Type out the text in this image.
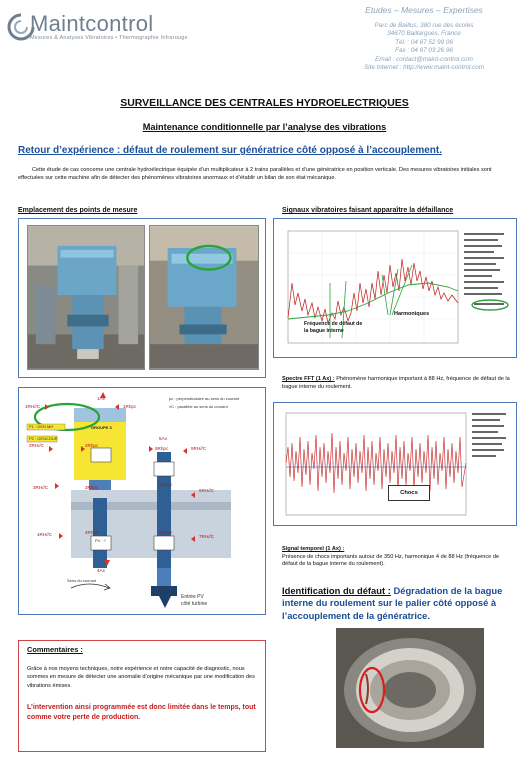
Maintcontrol
Mesures & Analyses Vibratoires • Thermographie Infrarouge
Etudes – Mesures – Expertises
Parc de Baillus, 380 rue des écoles
34670 Baillargues, France
Tél. : 04 67 52 99 06
Fax : 04 67 03 26 96
Email : contact@maint-control.com
Site Internet : http://www.maint-control.com
SURVEILLANCE DES CENTRALES HYDROELECTRIQUES
Maintenance conditionnelle par l’analyse des vibrations
Retour d’expérience : défaut de roulement sur génératrice côté opposé à l’accouplement.
Cette étude de cas concerne une centrale hydroélectrique équipée d’un multiplicateur à 2 trains parallèles et d’une génératrice en position verticale. Des mesures vibratoires initiales sont effectuées sur cette machine afin de détecter des phénomènes vibratoires anormaux et d’établir un bilan de son état mécanique.
Emplacement des points de mesure	Signaux vibratoires faisant apparaître la défaillance
pc : perpendiculaire au sens du courant
//C : parallèle au sens du courant
GROUPE 3
P1 : GEN MH
P2 : GENCOUR
PV : ?
Sens du courant
Entrée PV
côté turbine
1Ax
1RH//C	1Rhpc
2Rhpc
2RH//C
3RH//C	3Rhpc
5Ax
5Rhpc	5RH//C
6Rhpc
6RH//C
4Rhpc
4RH//C
4Ax
7Rhpc
7RH//C
Fréquence de défaut de
la bague interne
Harmoniques
Spectre FFT (1 Ax) : Phénomène harmonique important à 88 Hz, fréquence de défaut de la bague interne du roulement.
Chocs
Signal temporel (1 Ax) :
Présence de chocs importants autour de 350 Hz, harmonique 4 de 88 Hz (fréquence de défaut de la bague interne du roulement).
Identification du défaut : Dégradation de la bague interne du roulement sur le palier côté opposé à l’accouplement de la génératrice.
Commentaires :
Grâce à nos moyens techniques, notre expérience et notre capacité de diagnostic, nous sommes en mesure de détecter une anomalie d’origine mécanique par une modification des vibrations émises.
L’intervention ainsi programmée est donc limitée dans le temps, tout comme votre perte de production.
